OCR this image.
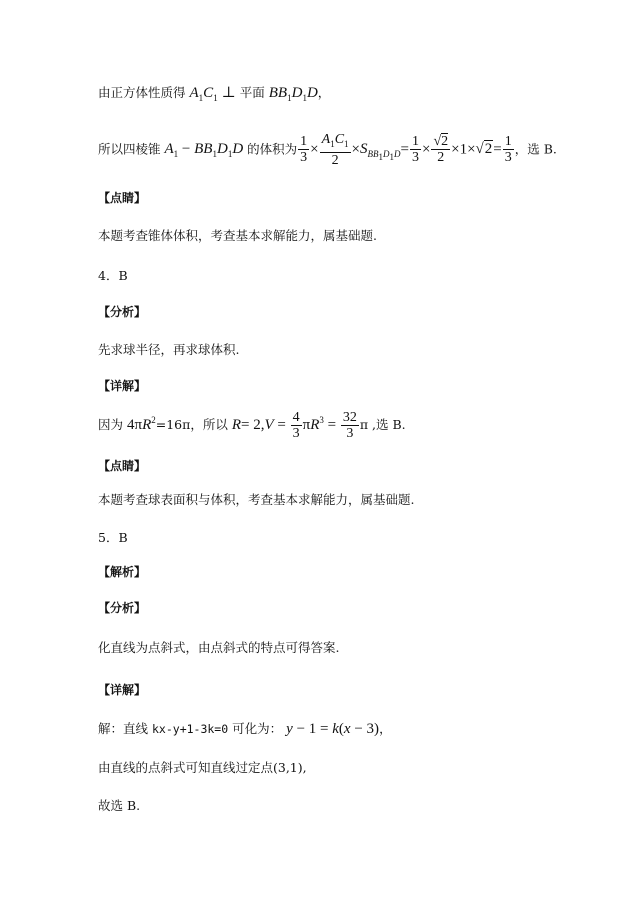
由正方体性质得 $A_1C_1$ ⊥ 平面 $BB_1D_1D$，
所以四棱锥 $A_1 - BB_1D_1D$ 的体积为 $\frac{1}{3} \times \frac{A_1C_1}{2} \times S_{BB_1D_1D}= \frac{1}{3} \times \frac{√2}{2} \times 1\times√2= \frac{1}{3}$ ，选 B.
【点睛】
本题考查锥体体积，考查基本求解能力，属基础题.
4．B
【分析】
先求球半径，再求球体积.
【详解】
因为 $4\pi R^2=16\pi$，所以 $R= 2,V = \frac{4}{3} \pi R^3 = \frac{32}{3}$ π ,选 B.
【点睛】
本题考查球表面积与体积，考查基本求解能力，属基础题.
5．B
【解析】
【分析】
化直线为点斜式，由点斜式的特点可得答案.
【详解】
解：直线 kx-y+1-3k=0 可化为： y − 1 = k(x − 3)，
由直线的点斜式可知直线过定点(3,1),
故选 B.
